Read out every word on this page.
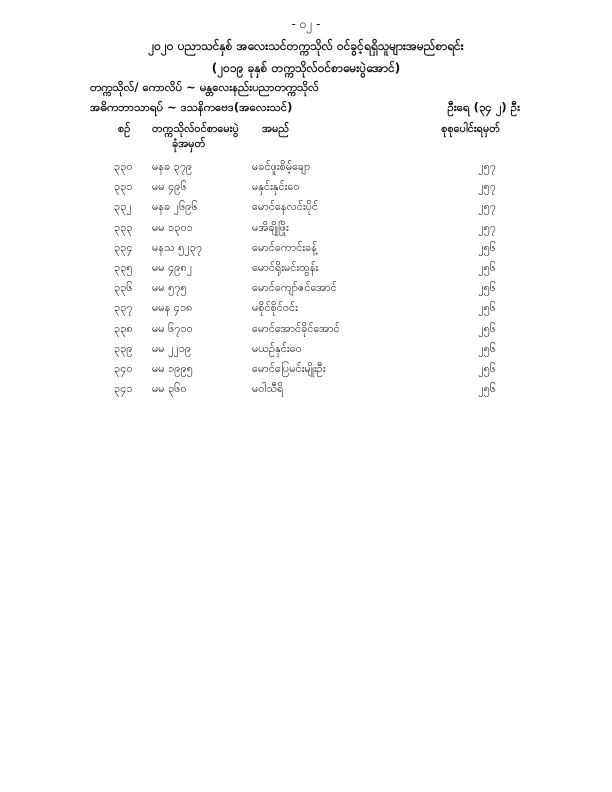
- ၀၂ -
၂၀၂၀ ပညာသင်နှစ် အလေးသင်တက္ကသိုလ် ဝင်ခွင့်ရရှိသူများအမည်စာရင်း
(၂၀၁၉ ခုနှစ် တက္ကသိုလ်ဝင်စာမေးပွဲအောင်)
တက္ကသိုလ်/ ကောလိပ် ~ မန္တလေးနည်းပညာတက္ကသိုလ်
အဓိကဘာသာရပ် ~ ဒသနိကဗေဒ(အလေးသင်)	ဦးရေ (၃၄ ၂) ဦး
စဉ် တက္ကသိုလ်ဝင်စာမေးပွဲ
ခုံအမှတ်
အမည်	စုစုပေါင်းရမှတ်
၃၃၀ မနခ ၃၇၉	မခင်ဖူးစိမ့်ချော	၂၅၇
၃၃၁ မမ ၄၉၆	မနှင်းနှင်းဝေ	၂၅၇
၃၃၂ မနခ ၂၆၉၆	မောင်နေလင်းပိုင်	၂၅၇
၃၃၃ မမ ၁၃၀၁	မအိချိုဖြိုး	၂၅၇
၃၃၄ မနသ ၅၂၃၇	မောင်ကောင်းခန့်	၂၅၆
၃၃၅ မမ ၄၉၈၂	မောင်ရိုးမင်းထွန်း	၂၅၆
၃၃၆ မမ ၅၇၅	မောင်ကျော်ဇင်အောင်	၂၅၆
၃၃၇ မမန ၄၁၈	မစိုင်စိုင်ဝင်း	၂၅၆
၃၃၈ မမ ၆၇၁၀	မောင်အောင်ခိုင်အောင်	၂၅၆
၃၃၉ မမ ၂၂၁၉	မယဉ်နှင်းဝေ	၂၅၆
၃၄၀ မမ ၁၉၉၅	မောင်ပြေမင်းမျိုးဦး	၂၅၆
၃၄၁ မမ ၃၆၀	မဝါသီရိ	၂၅၆
